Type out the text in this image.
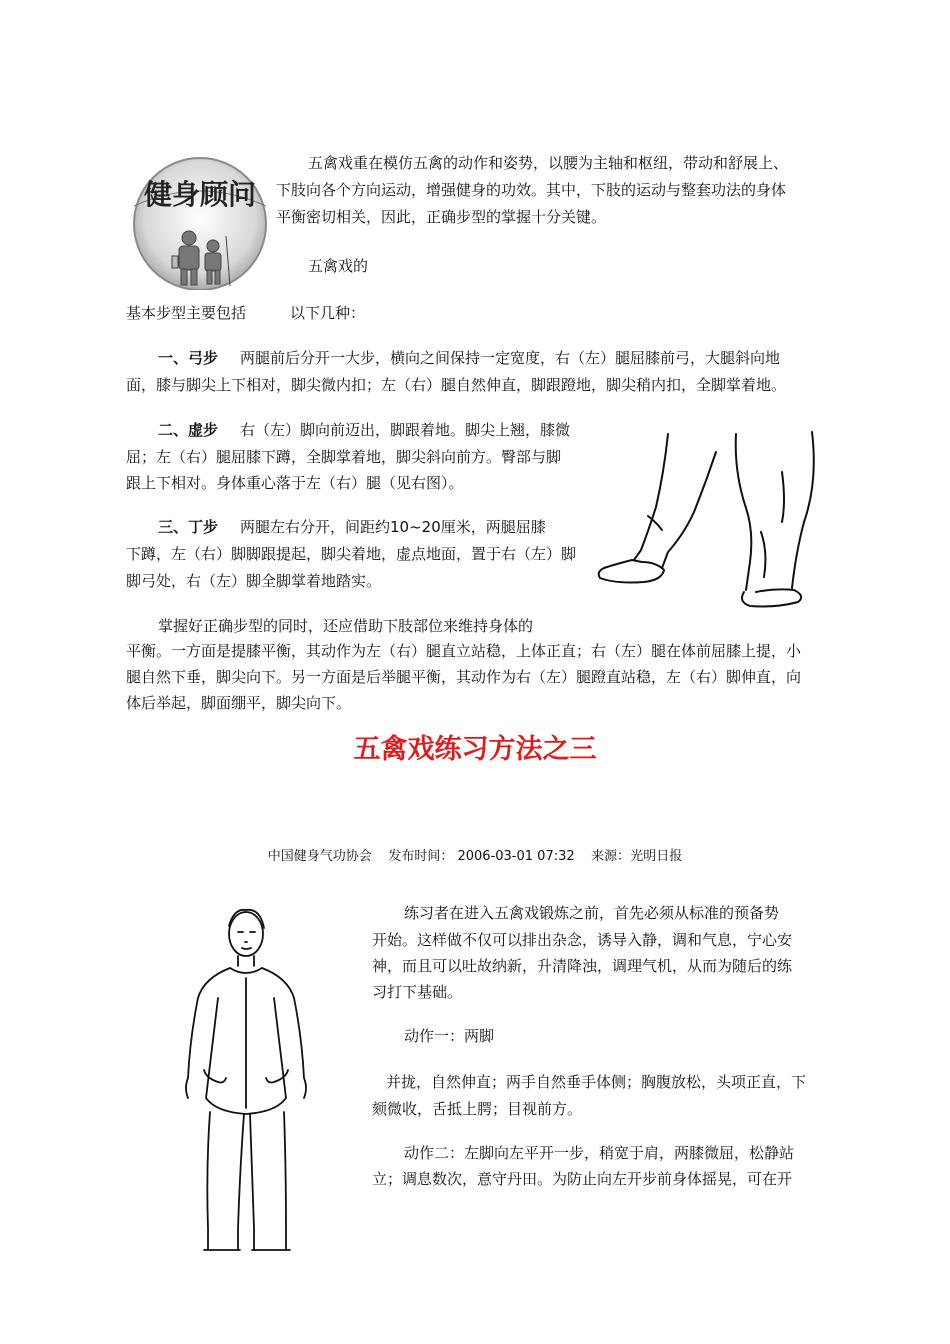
健身顾问

五禽戏重在模仿五禽的动作和姿势，以腰为主轴和枢纽，带动和舒展上、

下肢向各个方向运动，增强健身的功效。其中，下肢的运动与整套功法的身体

平衡密切相关，因此，正确步型的掌握十分关键。

五禽戏的

基本步型主要包括	以下几种：

一、弓步 两腿前后分开一大步，横向之间保持一定宽度，右（左）腿屈膝前弓，大腿斜向地

面，膝与脚尖上下相对，脚尖微内扣；左（右）腿自然伸直，脚跟蹬地，脚尖稍内扣，全脚掌着地。

二、虚步 右（左）脚向前迈出，脚跟着地。脚尖上翘，膝微

屈；左（右）腿屈膝下蹲，全脚掌着地，脚尖斜向前方。臀部与脚

跟上下相对。身体重心落于左（右）腿（见右图）。

三、丁步 两腿左右分开，间距约10~20厘米，两腿屈膝

下蹲，左（右）脚脚跟提起，脚尖着地，虚点地面，置于右（左）脚

脚弓处，右（左）脚全脚掌着地踏实。

掌握好正确步型的同时，还应借助下肢部位来维持身体的

平衡。一方面是提膝平衡，其动作为左（右）腿直立站稳，上体正直；右（左）腿在体前屈膝上提，小

腿自然下垂，脚尖向下。另一方面是后举腿平衡，其动作为右（左）腿蹬直站稳，左（右）脚伸直，向

体后举起，脚面绷平，脚尖向下。

五禽戏练习方法之三
中国健身气功协会 发布时间： 2006-03-01 07:32 来源：光明日报

练习者在进入五禽戏锻炼之前，首先必须从标准的预备势

开始。这样做不仅可以排出杂念，诱导入静，调和气息，宁心安

神，而且可以吐故纳新，升清降浊，调理气机，从而为随后的练

习打下基础。

动作一：两脚

并拢，自然伸直；两手自然垂手体侧；胸腹放松，头项正直，下

颏微收，舌抵上腭；目视前方。

动作二：左脚向左平开一步，稍宽于肩，两膝微屈，松静站

立；调息数次，意守丹田。为防止向左开步前身体摇晃，可在开
